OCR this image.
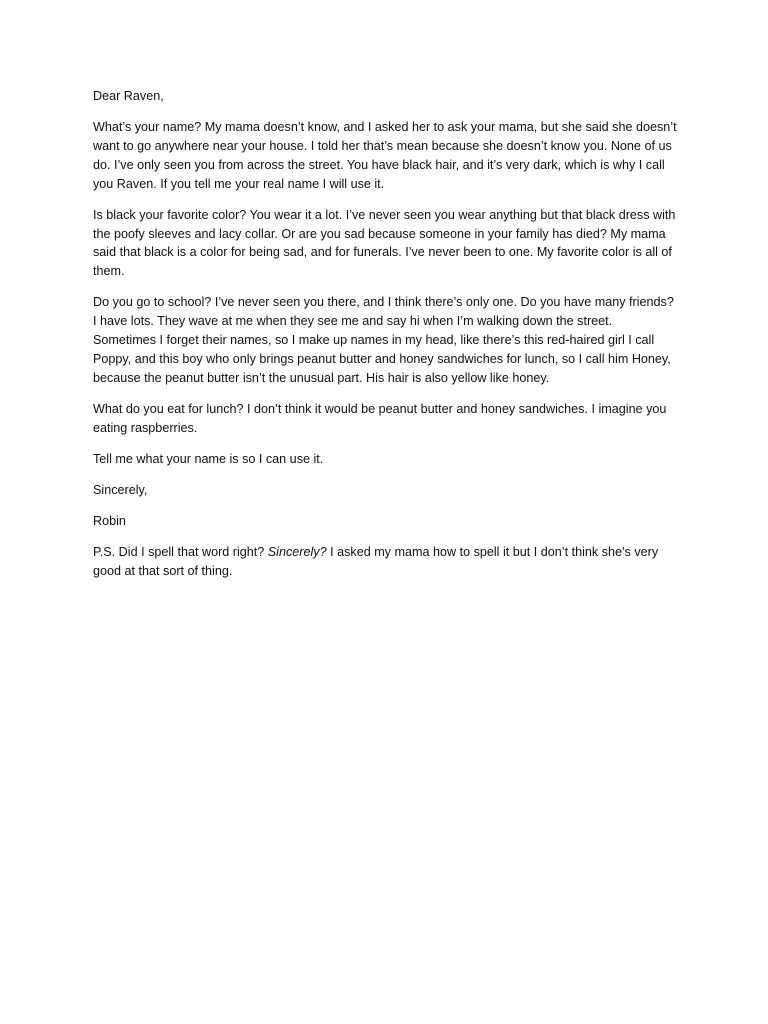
Dear Raven,

What’s your name? My mama doesn’t know, and I asked her to ask your mama, but she said she doesn’t want to go anywhere near your house. I told her that’s mean because she doesn’t know you. None of us do. I’ve only seen you from across the street. You have black hair, and it’s very dark, which is why I call you Raven. If you tell me your real name I will use it.

Is black your favorite color? You wear it a lot. I’ve never seen you wear anything but that black dress with the poofy sleeves and lacy collar. Or are you sad because someone in your family has died? My mama said that black is a color for being sad, and for funerals. I’ve never been to one. My favorite color is all of them.

Do you go to school? I’ve never seen you there, and I think there’s only one. Do you have many friends? I have lots. They wave at me when they see me and say hi when I’m walking down the street. Sometimes I forget their names, so I make up names in my head, like there’s this red-haired girl I call Poppy, and this boy who only brings peanut butter and honey sandwiches for lunch, so I call him Honey, because the peanut butter isn’t the unusual part. His hair is also yellow like honey.

What do you eat for lunch? I don’t think it would be peanut butter and honey sandwiches. I imagine you eating raspberries.

Tell me what your name is so I can use it.

Sincerely,

Robin

P.S. Did I spell that word right? Sincerely? I asked my mama how to spell it but I don’t think she’s very good at that sort of thing.
